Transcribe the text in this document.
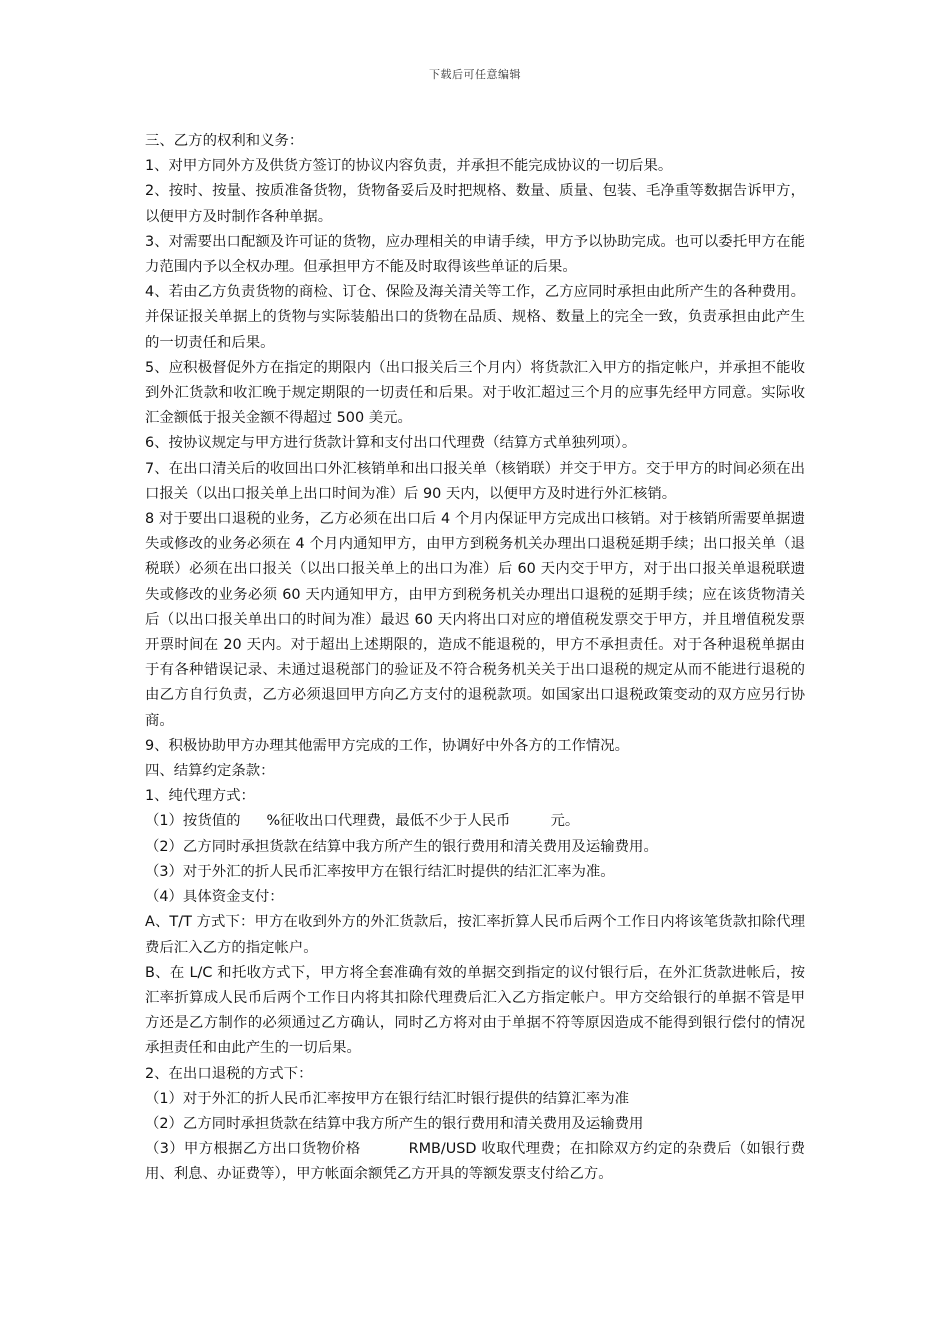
下载后可任意编辑

三、乙方的权利和义务：

1、对甲方同外方及供货方签订的协议内容负责，并承担不能完成协议的一切后果。

2、按时、按量、按质准备货物，货物备妥后及时把规格、数量、质量、包装、毛净重等数据告诉甲方，以便甲方及时制作各种单据。

3、对需要出口配额及许可证的货物，应办理相关的申请手续，甲方予以协助完成。也可以委托甲方在能力范围内予以全权办理。但承担甲方不能及时取得该些单证的后果。

4、若由乙方负责货物的商检、订仓、保险及海关清关等工作，乙方应同时承担由此所产生的各种费用。并保证报关单据上的货物与实际装船出口的货物在品质、规格、数量上的完全一致，负责承担由此产生的一切责任和后果。

5、应积极督促外方在指定的期限内（出口报关后三个月内）将货款汇入甲方的指定帐户，并承担不能收到外汇货款和收汇晚于规定期限的一切责任和后果。对于收汇超过三个月的应事先经甲方同意。实际收汇金额低于报关金额不得超过 500 美元。

6、按协议规定与甲方进行货款计算和支付出口代理费（结算方式单独列项）。

7、在出口清关后的收回出口外汇核销单和出口报关单（核销联）并交于甲方。交于甲方的时间必须在出口报关（以出口报关单上出口时间为准）后 90 天内，以便甲方及时进行外汇核销。

8 对于要出口退税的业务，乙方必须在出口后 4 个月内保证甲方完成出口核销。对于核销所需要单据遗失或修改的业务必须在 4 个月内通知甲方，由甲方到税务机关办理出口退税延期手续；出口报关单（退税联）必须在出口报关（以出口报关单上的出口为准）后 60 天内交于甲方，对于出口报关单退税联遗失或修改的业务必须 60 天内通知甲方，由甲方到税务机关办理出口退税的延期手续；应在该货物清关后（以出口报关单出口的时间为准）最迟 60 天内将出口对应的增值税发票交于甲方，并且增值税发票开票时间在 20 天内。对于超出上述期限的，造成不能退税的，甲方不承担责任。对于各种退税单据由于有各种错误记录、未通过退税部门的验证及不符合税务机关关于出口退税的规定从而不能进行退税的由乙方自行负责，乙方必须退回甲方向乙方支付的退税款项。如国家出口退税政策变动的双方应另行协商。

9、积极协助甲方办理其他需甲方完成的工作，协调好中外各方的工作情况。

四、结算约定条款：

1、纯代理方式：

（1）按货值的 %征收出口代理费，最低不少于人民币	元。

（2）乙方同时承担货款在结算中我方所产生的银行费用和清关费用及运输费用。

（3）对于外汇的折人民币汇率按甲方在银行结汇时提供的结汇汇率为准。

（4）具体资金支付：

A、T/T 方式下：甲方在收到外方的外汇货款后，按汇率折算人民币后两个工作日内将该笔货款扣除代理费后汇入乙方的指定帐户。

B、在 L/C 和托收方式下，甲方将全套准确有效的单据交到指定的议付银行后，在外汇货款进帐后，按汇率折算成人民币后两个工作日内将其扣除代理费后汇入乙方指定帐户。甲方交给银行的单据不管是甲方还是乙方制作的必须通过乙方确认，同时乙方将对由于单据不符等原因造成不能得到银行偿付的情况承担责任和由此产生的一切后果。

2、在出口退税的方式下：

（1）对于外汇的折人民币汇率按甲方在银行结汇时银行提供的结算汇率为准

（2）乙方同时承担货款在结算中我方所产生的银行费用和清关费用及运输费用

（3）甲方根据乙方出口货物价格	RMB/USD 收取代理费；在扣除双方约定的杂费后（如银行费用、利息、办证费等），甲方帐面余额凭乙方开具的等额发票支付给乙方。
